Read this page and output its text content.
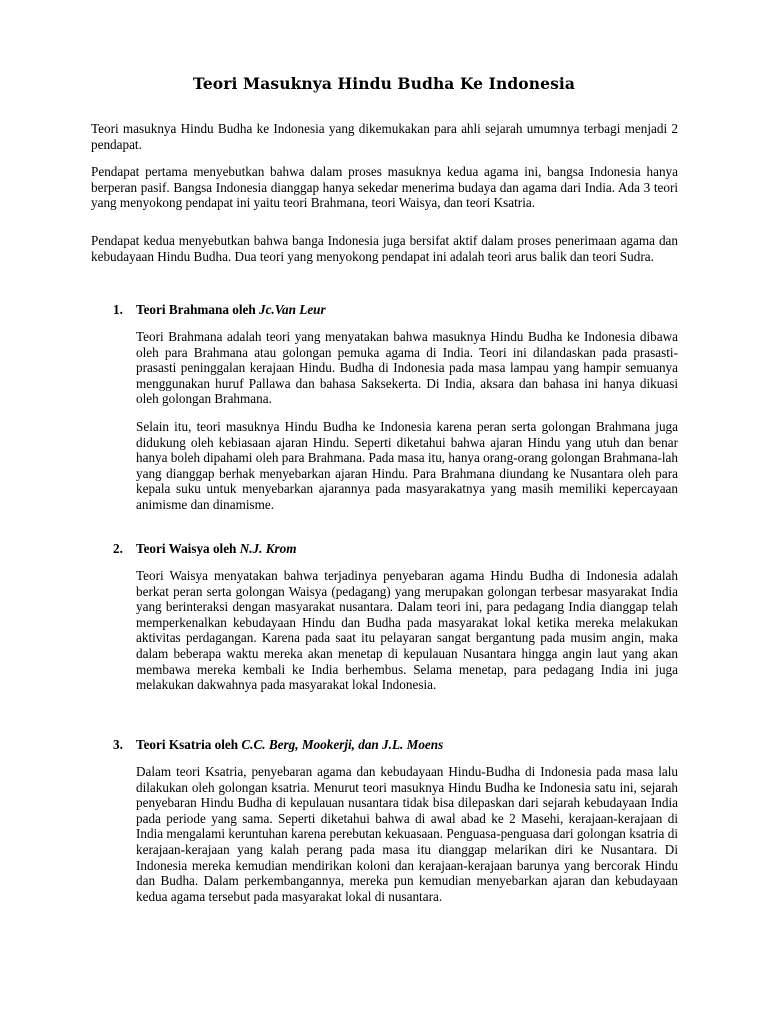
Teori Masuknya Hindu Budha Ke Indonesia

Teori masuknya Hindu Budha ke Indonesia yang dikemukakan para ahli sejarah umumnya terbagi menjadi 2 pendapat.

Pendapat pertama menyebutkan bahwa dalam proses masuknya kedua agama ini, bangsa Indonesia hanya berperan pasif. Bangsa Indonesia dianggap hanya sekedar menerima budaya dan agama dari India. Ada 3 teori yang menyokong pendapat ini yaitu teori Brahmana, teori Waisya, dan teori Ksatria.

Pendapat kedua menyebutkan bahwa banga Indonesia juga bersifat aktif dalam proses penerimaan agama dan kebudayaan Hindu Budha. Dua teori yang menyokong pendapat ini adalah teori arus balik dan teori Sudra.

1. Teori Brahmana oleh Jc.Van Leur

Teori Brahmana adalah teori yang menyatakan bahwa masuknya Hindu Budha ke Indonesia dibawa oleh para Brahmana atau golongan pemuka agama di India. Teori ini dilandaskan pada prasasti-prasasti peninggalan kerajaan Hindu. Budha di Indonesia pada masa lampau yang hampir semuanya menggunakan huruf Pallawa dan bahasa Saksekerta. Di India, aksara dan bahasa ini hanya dikuasi oleh golongan Brahmana.

Selain itu, teori masuknya Hindu Budha ke Indonesia karena peran serta golongan Brahmana juga didukung oleh kebiasaan ajaran Hindu. Seperti diketahui bahwa ajaran Hindu yang utuh dan benar hanya boleh dipahami oleh para Brahmana. Pada masa itu, hanya orang-orang golongan Brahmana-lah yang dianggap berhak menyebarkan ajaran Hindu. Para Brahmana diundang ke Nusantara oleh para kepala suku untuk menyebarkan ajarannya pada masyarakatnya yang masih memiliki kepercayaan animisme dan dinamisme.

2. Teori Waisya oleh N.J. Krom

Teori Waisya menyatakan bahwa terjadinya penyebaran agama Hindu Budha di Indonesia adalah berkat peran serta golongan Waisya (pedagang) yang merupakan golongan terbesar masyarakat India yang berinteraksi dengan masyarakat nusantara. Dalam teori ini, para pedagang India dianggap telah memperkenalkan kebudayaan Hindu dan Budha pada masyarakat lokal ketika mereka melakukan aktivitas perdagangan. Karena pada saat itu pelayaran sangat bergantung pada musim angin, maka dalam beberapa waktu mereka akan menetap di kepulauan Nusantara hingga angin laut yang akan membawa mereka kembali ke India berhembus. Selama menetap, para pedagang India ini juga melakukan dakwahnya pada masyarakat lokal Indonesia.

3. Teori Ksatria oleh C.C. Berg, Mookerji, dan J.L. Moens

Dalam teori Ksatria, penyebaran agama dan kebudayaan Hindu-Budha di Indonesia pada masa lalu dilakukan oleh golongan ksatria. Menurut teori masuknya Hindu Budha ke Indonesia satu ini, sejarah penyebaran Hindu Budha di kepulauan nusantara tidak bisa dilepaskan dari sejarah kebudayaan India pada periode yang sama. Seperti diketahui bahwa di awal abad ke 2 Masehi, kerajaan-kerajaan di India mengalami keruntuhan karena perebutan kekuasaan. Penguasa-penguasa dari golongan ksatria di kerajaan-kerajaan yang kalah perang pada masa itu dianggap melarikan diri ke Nusantara. Di Indonesia mereka kemudian mendirikan koloni dan kerajaan-kerajaan barunya yang bercorak Hindu dan Budha. Dalam perkembangannya, mereka pun kemudian menyebarkan ajaran dan kebudayaan kedua agama tersebut pada masyarakat lokal di nusantara.
